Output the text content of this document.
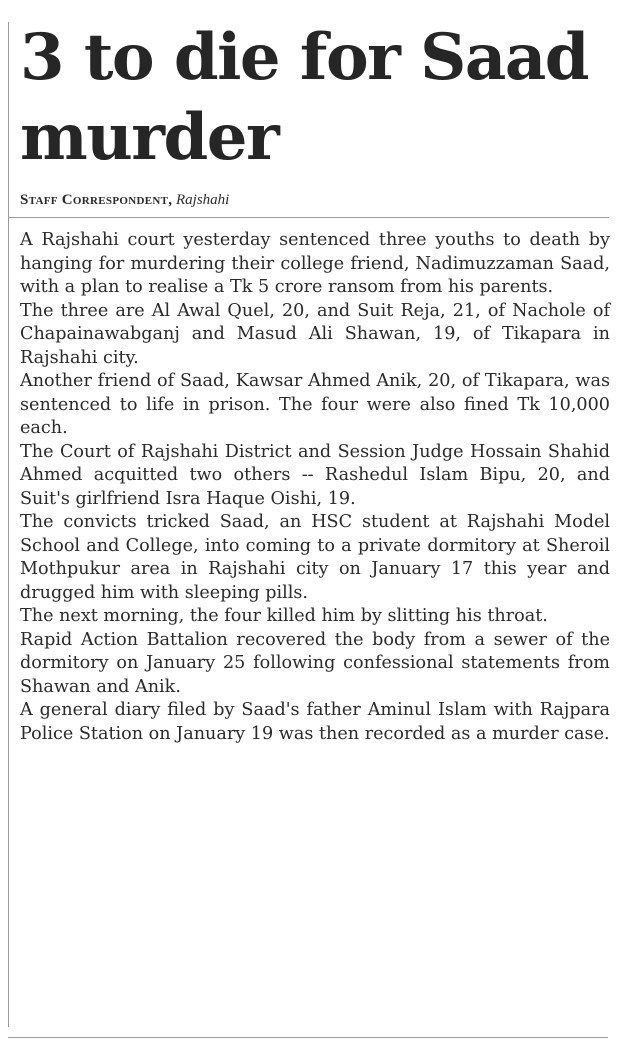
3 to die for Saad murder
Staff Correspondent, Rajshahi

A Rajshahi court yesterday sentenced three youths to death by hanging for murdering their college friend, Nadimuzzaman Saad, with a plan to realise a Tk 5 crore ransom from his parents.

The three are Al Awal Quel, 20, and Suit Reja, 21, of Nachole of Chapainawabganj and Masud Ali Shawan, 19, of Tikapara in Rajshahi city.

Another friend of Saad, Kawsar Ahmed Anik, 20, of Tikapara, was sentenced to life in prison. The four were also fined Tk 10,000 each.

The Court of Rajshahi District and Session Judge Hossain Shahid Ahmed acquitted two others -- Rashedul Islam Bipu, 20, and Suit's girlfriend Isra Haque Oishi, 19.

The convicts tricked Saad, an HSC student at Rajshahi Model School and College, into coming to a private dormitory at Sheroil Mothpukur area in Rajshahi city on January 17 this year and drugged him with sleeping pills.

The next morning, the four killed him by slitting his throat.

Rapid Action Battalion recovered the body from a sewer of the dormitory on January 25 following confessional statements from Shawan and Anik.

A general diary filed by Saad's father Aminul Islam with Rajpara Police Station on January 19 was then recorded as a murder case.
